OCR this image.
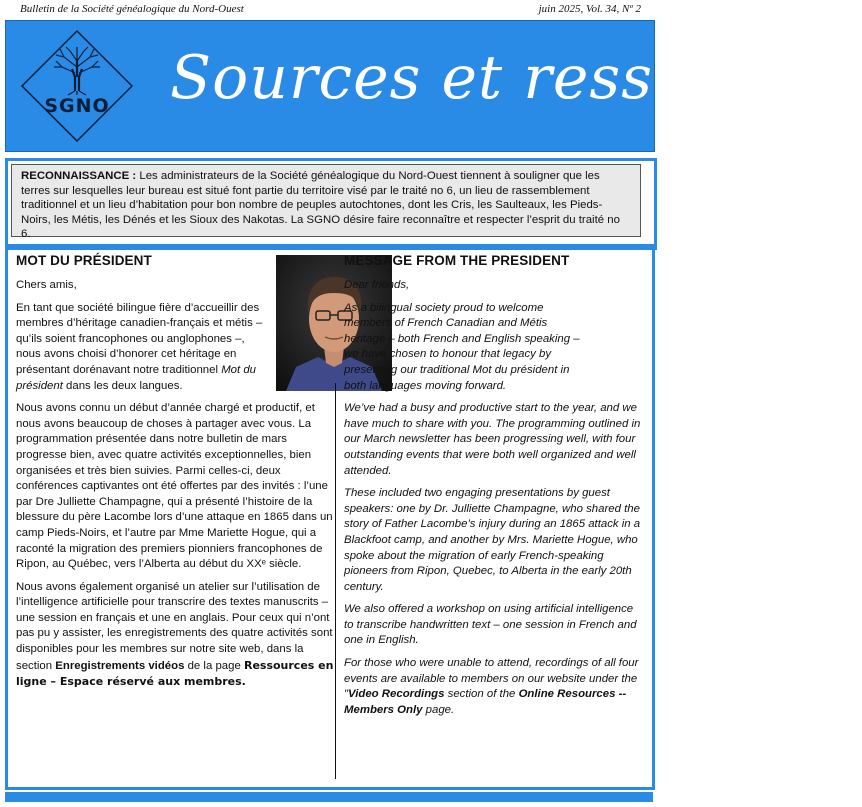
Bulletin de la Société généalogique du Nord-Ouest	juin 2025, Vol. 34, Nº 2
SGNO	Sources et ressources
RECONNAISSANCE : Les administrateurs de la Société généalogique du Nord-Ouest tiennent à souligner que les terres sur lesquelles leur bureau est situé font partie du territoire visé par le traité no 6, un lieu de rassemblement traditionnel et un lieu d’habitation pour bon nombre de peuples autochtones, dont les Cris, les Saulteaux, les Pieds-Noirs, les Métis, les Dénés et les Sioux des Nakotas. La SGNO désire faire reconnaître et respecter l’esprit du traité no 6.
MOT DU PRÉSIDENT

Chers amis,

En tant que société bilingue fière d’accueillir des membres d’héritage canadien-français et métis – qu’ils soient francophones ou anglophones –, nous avons choisi d’honorer cet héritage en présentant dorénavant notre traditionnel Mot du président dans les deux langues.

Nous avons connu un début d’année chargé et productif, et nous avons beaucoup de choses à partager avec vous. La programmation présentée dans notre bulletin de mars progresse bien, avec quatre activités exceptionnelles, bien organisées et très bien suivies. Parmi celles-ci, deux conférences captivantes ont été offertes par des invités : l’une par Dre Julliette Champagne, qui a présenté l’histoire de la blessure du père Lacombe lors d’une attaque en 1865 dans un camp Pieds-Noirs, et l’autre par Mme Mariette Hogue, qui a raconté la migration des premiers pionniers francophones de Ripon, au Québec, vers l’Alberta au début du XXᵉ siècle.

Nous avons également organisé un atelier sur l’utilisation de l’intelligence artificielle pour transcrire des textes manuscrits – une session en français et une en anglais. Pour ceux qui n’ont pas pu y assister, les enregistrements des quatre activités sont disponibles pour les membres sur notre site web, dans la section Enregistrements vidéos de la page Ressources en ligne – Espace réservé aux membres.

MESSAGE FROM THE PRESIDENT

Dear friends,

As a bilingual society proud to welcome members of French Canadian and Métis heritage – both French and English speaking – we have chosen to honour that legacy by presenting our traditional Mot du président in both languages moving forward.

We’ve had a busy and productive start to the year, and we have much to share with you. The programming outlined in our March newsletter has been progressing well, with four outstanding events that were both well organized and well attended.

These included two engaging presentations by guest speakers: one by Dr. Julliette Champagne, who shared the story of Father Lacombe’s injury during an 1865 attack in a Blackfoot camp, and another by Mrs. Mariette Hogue, who spoke about the migration of early French-speaking pioneers from Ripon, Quebec, to Alberta in the early 20th century.

We also offered a workshop on using artificial intelligence to transcribe handwritten text – one session in French and one in English.

For those who were unable to attend, recordings of all four events are available to members on our website under the "Video Recordings section of the Online Resources -- Members Only page.
